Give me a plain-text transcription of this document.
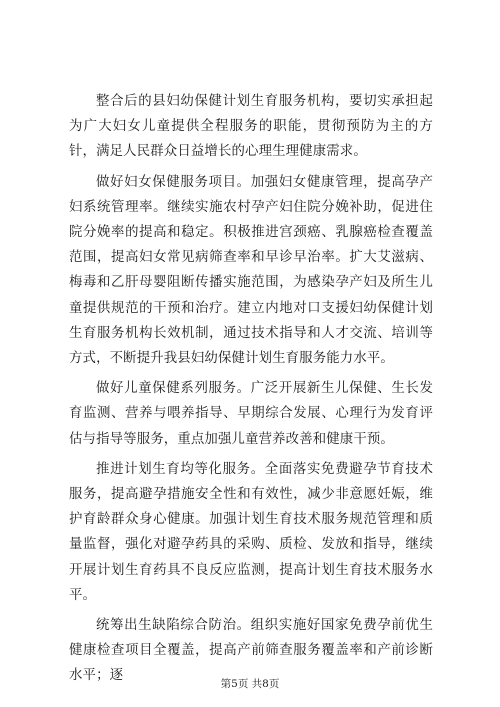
整合后的县妇幼保健计划生育服务机构，要切实承担起为广大妇女儿童提供全程服务的职能，贯彻预防为主的方针，满足人民群众日益增长的心理生理健康需求。

做好妇女保健服务项目。加强妇女健康管理，提高孕产妇系统管理率。继续实施农村孕产妇住院分娩补助，促进住院分娩率的提高和稳定。积极推进宫颈癌、乳腺癌检查覆盖范围，提高妇女常见病筛查率和早诊早治率。扩大艾滋病、梅毒和乙肝母婴阻断传播实施范围，为感染孕产妇及所生儿童提供规范的干预和治疗。建立内地对口支援妇幼保健计划生育服务机构长效机制，通过技术指导和人才交流、培训等方式，不断提升我县妇幼保健计划生育服务能力水平。

做好儿童保健系列服务。广泛开展新生儿保健、生长发育监测、营养与喂养指导、早期综合发展、心理行为发育评估与指导等服务，重点加强儿童营养改善和健康干预。

推进计划生育均等化服务。全面落实免费避孕节育技术服务，提高避孕措施安全性和有效性，减少非意愿妊娠，维护育龄群众身心健康。加强计划生育技术服务规范管理和质量监督，强化对避孕药具的采购、质检、发放和指导，继续开展计划生育药具不良反应监测，提高计划生育技术服务水平。

统筹出生缺陷综合防治。组织实施好国家免费孕前优生健康检查项目全覆盖，提高产前筛查服务覆盖率和产前诊断水平；逐

第5页 共8页
